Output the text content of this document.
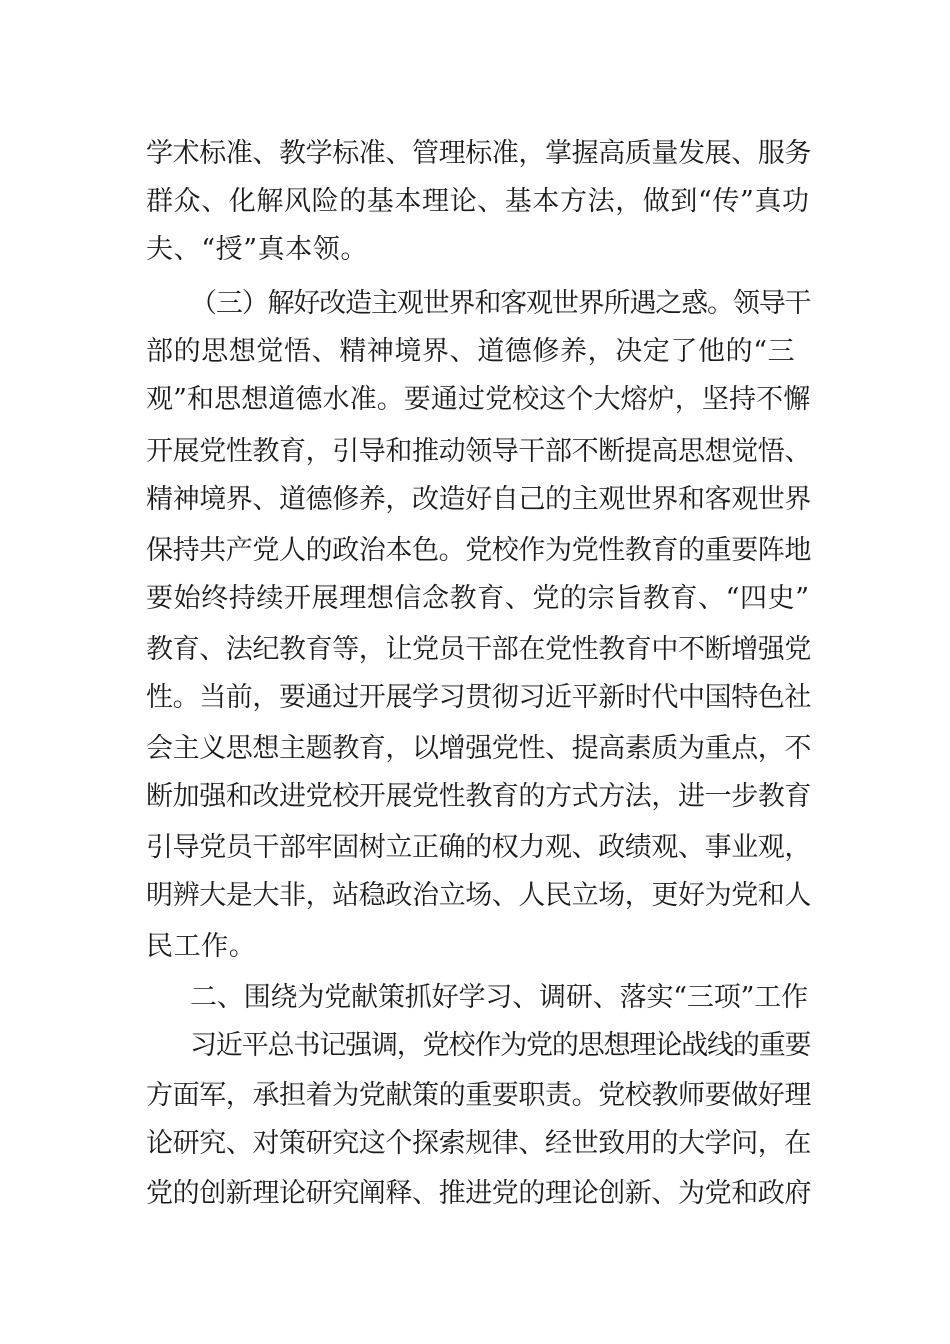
学术标准、教学标准、管理标准，掌握高质量发展、服务
群众、化解风险的基本理论、基本方法，做到“传”真功
夫、“授”真本领。
（三）解好改造主观世界和客观世界所遇之惑。领导干
部的思想觉悟、精神境界、道德修养，决定了他的“三
观”和思想道德水准。要通过党校这个大熔炉，坚持不懈
开展党性教育，引导和推动领导干部不断提高思想觉悟、
精神境界、道德修养，改造好自己的主观世界和客观世界
保持共产党人的政治本色。党校作为党性教育的重要阵地
要始终持续开展理想信念教育、党的宗旨教育、“四史”
教育、法纪教育等，让党员干部在党性教育中不断增强党
性。当前，要通过开展学习贯彻习近平新时代中国特色社
会主义思想主题教育，以增强党性、提高素质为重点，不
断加强和改进党校开展党性教育的方式方法，进一步教育
引导党员干部牢固树立正确的权力观、政绩观、事业观，
明辨大是大非，站稳政治立场、人民立场，更好为党和人
民工作。
二、围绕为党献策抓好学习、调研、落实“三项”工作
习近平总书记强调，党校作为党的思想理论战线的重要
方面军，承担着为党献策的重要职责。党校教师要做好理
论研究、对策研究这个探索规律、经世致用的大学问，在
党的创新理论研究阐释、推进党的理论创新、为党和政府
